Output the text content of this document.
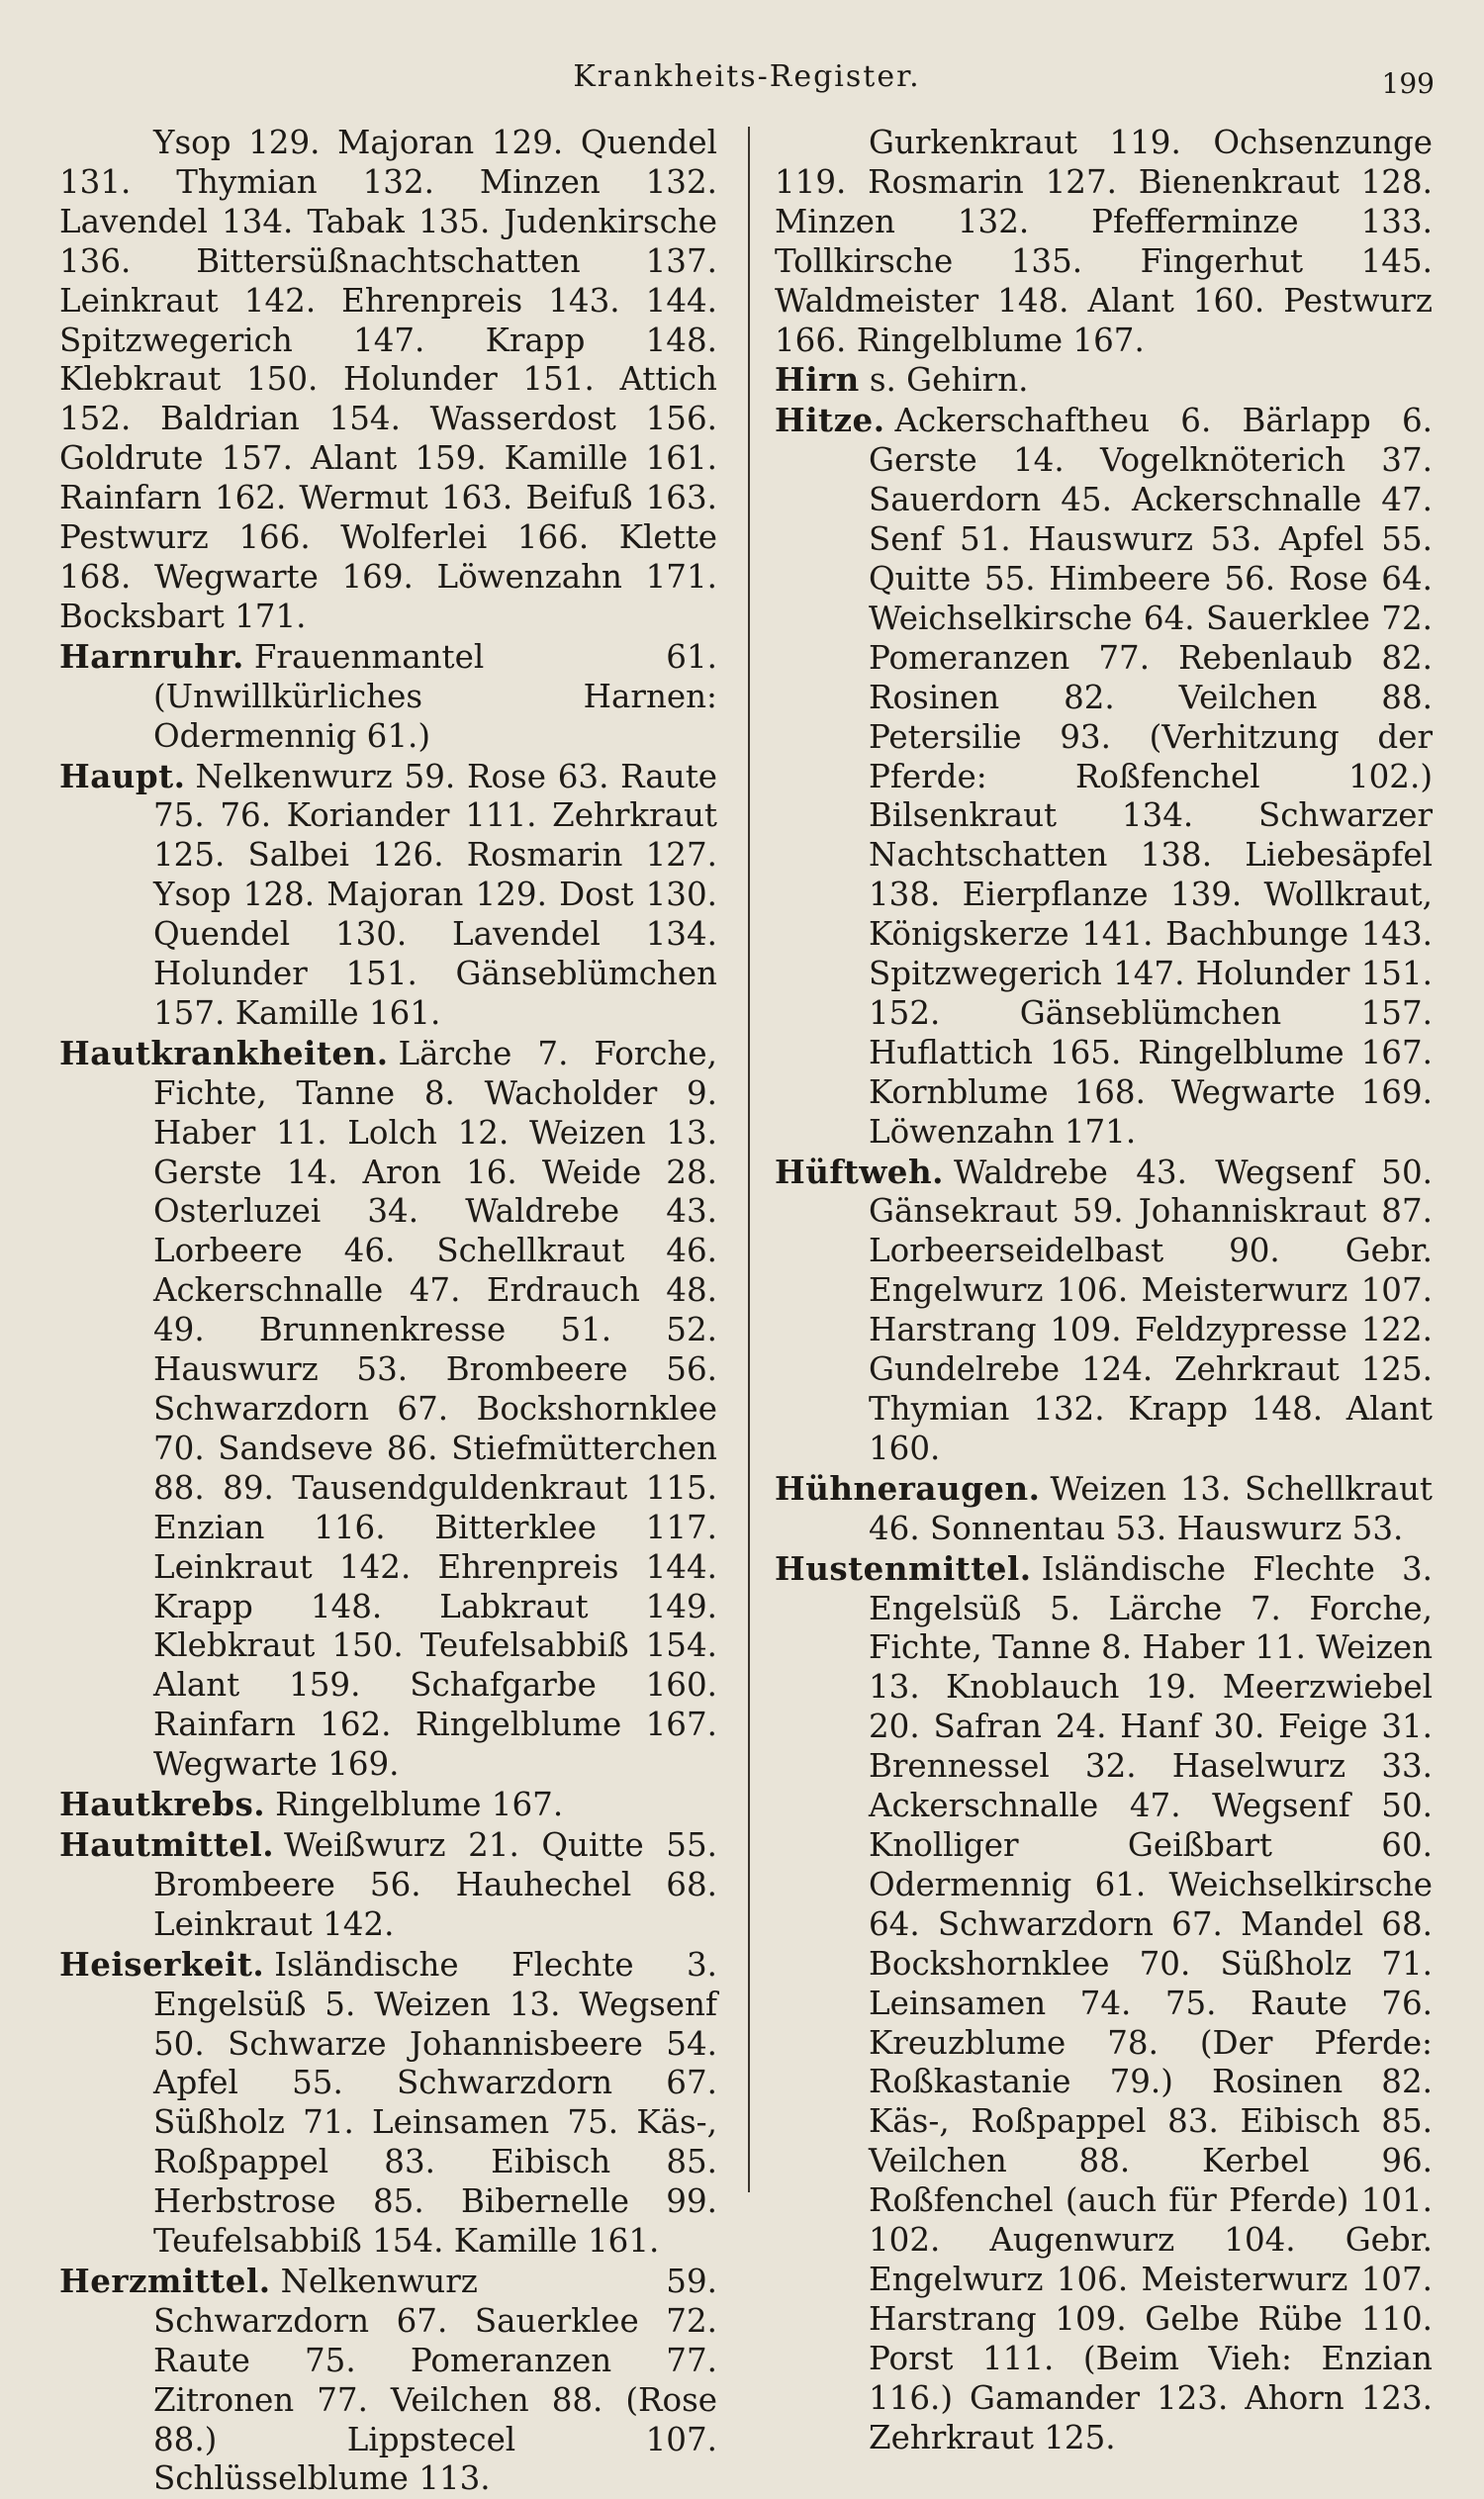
Krankheits-Register.	199

Ysop 129. Majoran 129. Quendel 131. Thymian 132. Minzen 132. Lavendel 134. Tabak 135. Judenkirsche 136. Bittersüßnachtschatten 137. Leinkraut 142. Ehrenpreis 143. 144. Spitzwegerich 147. Krapp 148. Klebkraut 150. Holunder 151. Attich 152. Baldrian 154. Wasserdost 156. Goldrute 157. Alant 159. Kamille 161. Rainfarn 162. Wermut 163. Beifuß 163. Pestwurz 166. Wolferlei 166. Klette 168. Wegwarte 169. Löwenzahn 171. Bocksbart 171.

Harnruhr. Frauenmantel 61. (Unwillkürliches Harnen: Odermennig 61.)

Haupt. Nelkenwurz 59. Rose 63. Raute 75. 76. Koriander 111. Zehrkraut 125. Salbei 126. Rosmarin 127. Ysop 128. Majoran 129. Dost 130. Quendel 130. Lavendel 134. Holunder 151. Gänseblümchen 157. Kamille 161.

Hautkrankheiten. Lärche 7. Forche, Fichte, Tanne 8. Wacholder 9. Haber 11. Lolch 12. Weizen 13. Gerste 14. Aron 16. Weide 28. Osterluzei 34. Waldrebe 43. Lorbeere 46. Schellkraut 46. Ackerschnalle 47. Erdrauch 48. 49. Brunnenkresse 51. 52. Hauswurz 53. Brombeere 56. Schwarzdorn 67. Bockshornklee 70. Sandseve 86. Stiefmütterchen 88. 89. Tausendguldenkraut 115. Enzian 116. Bitterklee 117. Leinkraut 142. Ehrenpreis 144. Krapp 148. Labkraut 149. Klebkraut 150. Teufelsabbiß 154. Alant 159. Schafgarbe 160. Rainfarn 162. Ringelblume 167. Wegwarte 169.

Hautkrebs. Ringelblume 167.

Hautmittel. Weißwurz 21. Quitte 55. Brombeere 56. Hauhechel 68. Leinkraut 142.

Heiserkeit. Isländische Flechte 3. Engelsüß 5. Weizen 13. Wegsenf 50. Schwarze Johannisbeere 54. Apfel 55. Schwarzdorn 67. Süßholz 71. Leinsamen 75. Käs-, Roßpappel 83. Eibisch 85. Herbstrose 85. Bibernelle 99. Teufelsabbiß 154. Kamille 161.

Herzmittel. Nelkenwurz 59. Schwarzdorn 67. Sauerklee 72. Raute 75. Pomeranzen 77. Zitronen 77. Veilchen 88. (Rose 88.) Lippstecel 107. Schlüsselblume 113.

Gurkenkraut 119. Ochsenzunge 119. Rosmarin 127. Bienenkraut 128. Minzen 132. Pfefferminze 133. Tollkirsche 135. Fingerhut 145. Waldmeister 148. Alant 160. Pestwurz 166. Ringelblume 167.

Hirn s. Gehirn.

Hitze. Ackerschaftheu 6. Bärlapp 6. Gerste 14. Vogelknöterich 37. Sauerdorn 45. Ackerschnalle 47. Senf 51. Hauswurz 53. Apfel 55. Quitte 55. Himbeere 56. Rose 64. Weichselkirsche 64. Sauerklee 72. Pomeranzen 77. Rebenlaub 82. Rosinen 82. Veilchen 88. Petersilie 93. (Verhitzung der Pferde: Roßfenchel 102.) Bilsenkraut 134. Schwarzer Nachtschatten 138. Liebesäpfel 138. Eierpflanze 139. Wollkraut, Königskerze 141. Bachbunge 143. Spitzwegerich 147. Holunder 151. 152. Gänseblümchen 157. Huflattich 165. Ringelblume 167. Kornblume 168. Wegwarte 169. Löwenzahn 171.

Hüftweh. Waldrebe 43. Wegsenf 50. Gänsekraut 59. Johanniskraut 87. Lorbeerseidelbast 90. Gebr. Engelwurz 106. Meisterwurz 107. Harstrang 109. Feldzypresse 122. Gundelrebe 124. Zehrkraut 125. Thymian 132. Krapp 148. Alant 160.

Hühneraugen. Weizen 13. Schellkraut 46. Sonnentau 53. Hauswurz 53.

Hustenmittel. Isländische Flechte 3. Engelsüß 5. Lärche 7. Forche, Fichte, Tanne 8. Haber 11. Weizen 13. Knoblauch 19. Meerzwiebel 20. Safran 24. Hanf 30. Feige 31. Brennessel 32. Haselwurz 33. Ackerschnalle 47. Wegsenf 50. Knolliger Geißbart 60. Odermennig 61. Weichselkirsche 64. Schwarzdorn 67. Mandel 68. Bockshornklee 70. Süßholz 71. Leinsamen 74. 75. Raute 76. Kreuzblume 78. (Der Pferde: Roßkastanie 79.) Rosinen 82. Käs-, Roßpappel 83. Eibisch 85. Veilchen 88. Kerbel 96. Roßfenchel (auch für Pferde) 101. 102. Augenwurz 104. Gebr. Engelwurz 106. Meisterwurz 107. Harstrang 109. Gelbe Rübe 110. Porst 111. (Beim Vieh: Enzian 116.) Gamander 123. Ahorn 123. Zehrkraut 125.
